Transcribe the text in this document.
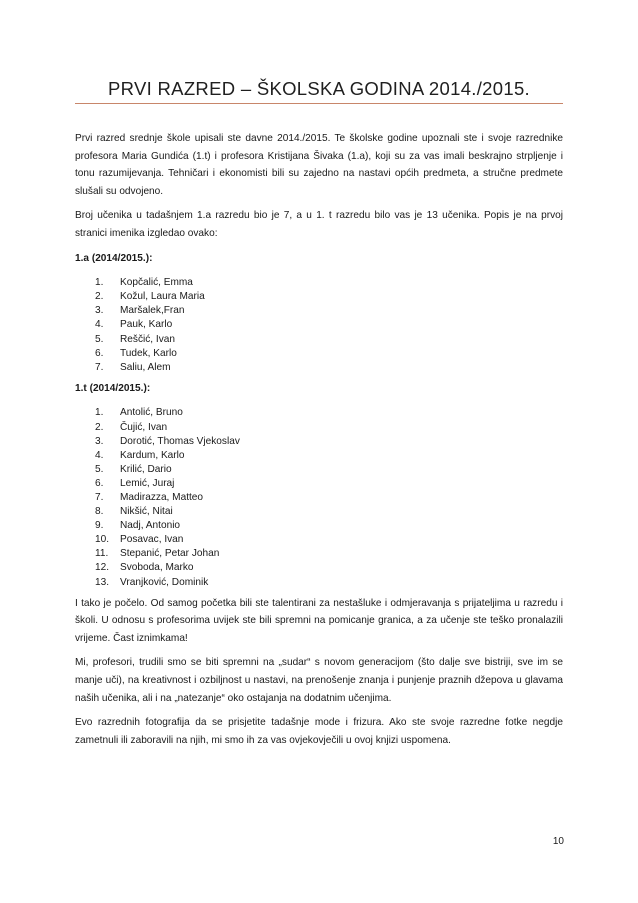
PRVI RAZRED – ŠKOLSKA GODINA 2014./2015.

Prvi razred srednje škole upisali ste davne 2014./2015. Te školske godine upoznali ste i svoje razrednike profesora Maria Gundića (1.t) i profesora Kristijana Šivaka (1.a), koji su za vas imali beskrajno strpljenje i tonu razumijevanja. Tehničari i ekonomisti bili su zajedno na nastavi općih predmeta, a stručne predmete slušali su odvojeno.

Broj učenika u tadašnjem 1.a razredu bio je 7, a u 1. t razredu bilo vas je 13 učenika. Popis je na prvoj stranici imenika izgledao ovako:

1.a (2014/2015.):

1.	Kopčalić, Emma
2.	Kožul, Laura Maria
3.	Maršalek,Fran
4.	Pauk, Karlo
5.	Reščić, Ivan
6.	Tudek, Karlo
7.	Saliu, Alem

1.t (2014/2015.):

1.	Antolić, Bruno
2.	Čujić, Ivan
3.	Dorotić, Thomas Vjekoslav
4.	Kardum, Karlo
5.	Krilić, Dario
6.	Lemić, Juraj
7.	Madirazza, Matteo
8.	Nikšić, Nitai
9.	Nadj, Antonio
10.	Posavac, Ivan
11.	Stepanić, Petar Johan
12.	Svoboda, Marko
13.	Vranjković, Dominik

I tako je počelo. Od samog početka bili ste talentirani za nestašluke i odmjeravanja s prijateljima u razredu i školi. U odnosu s profesorima uvijek ste bili spremni na pomicanje granica, a za učenje ste teško pronalazili vrijeme. Čast iznimkama!

Mi, profesori, trudili smo se biti spremni na „sudar“ s novom generacijom (što dalje sve bistriji, sve im se manje uči), na kreativnost i ozbiljnost u nastavi, na prenošenje znanja i punjenje praznih džepova u glavama naših učenika, ali i na „natezanje“ oko ostajanja na dodatnim učenjima.

Evo razrednih fotografija da se prisjetite tadašnje mode i frizura. Ako ste svoje razredne fotke negdje zametnuli ili zaboravili na njih, mi smo ih za vas ovjekovječili u ovoj knjizi uspomena.

10
